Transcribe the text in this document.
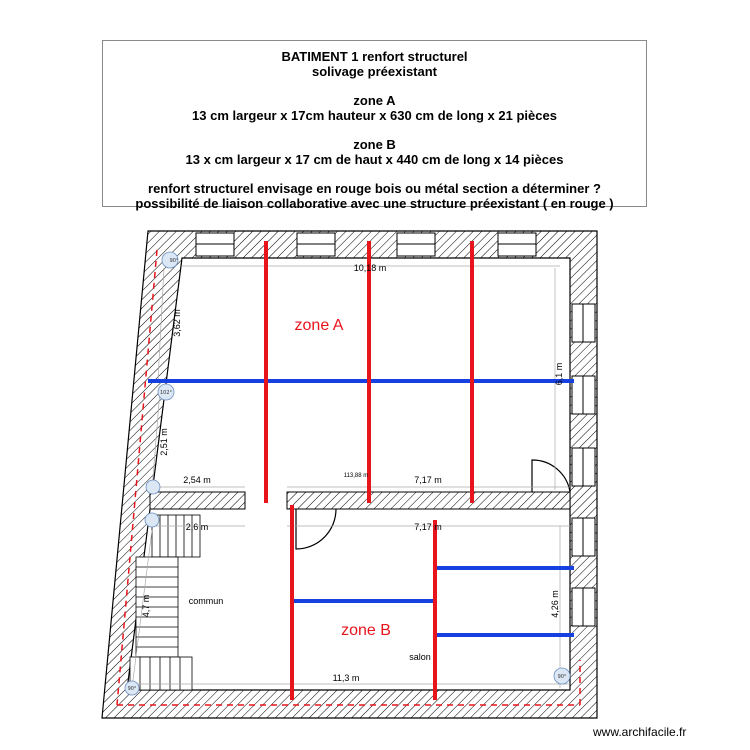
BATIMENT 1 renfort structurel
solivage préexistant
zone A
13 cm largeur x 17cm hauteur x 630 cm de long x 21 pièces
zone B
13 x cm largeur x 17 cm de haut x 440 cm de long x 14 pièces
renfort structurel envisage en rouge bois ou métal section a déterminer ?
possibilité de liaison collaborative avec une structure préexistant ( en rouge )
90°
102°
90°
90°
10,18 m
3,62 m
6,1 m
2,51 m
2,54 m
2,6 m
7,17 m
7,17 m
4,7 m	4,26 m
11,3 m
113,88 m
zone A
zone B
commun
salon
www.archifacile.fr
